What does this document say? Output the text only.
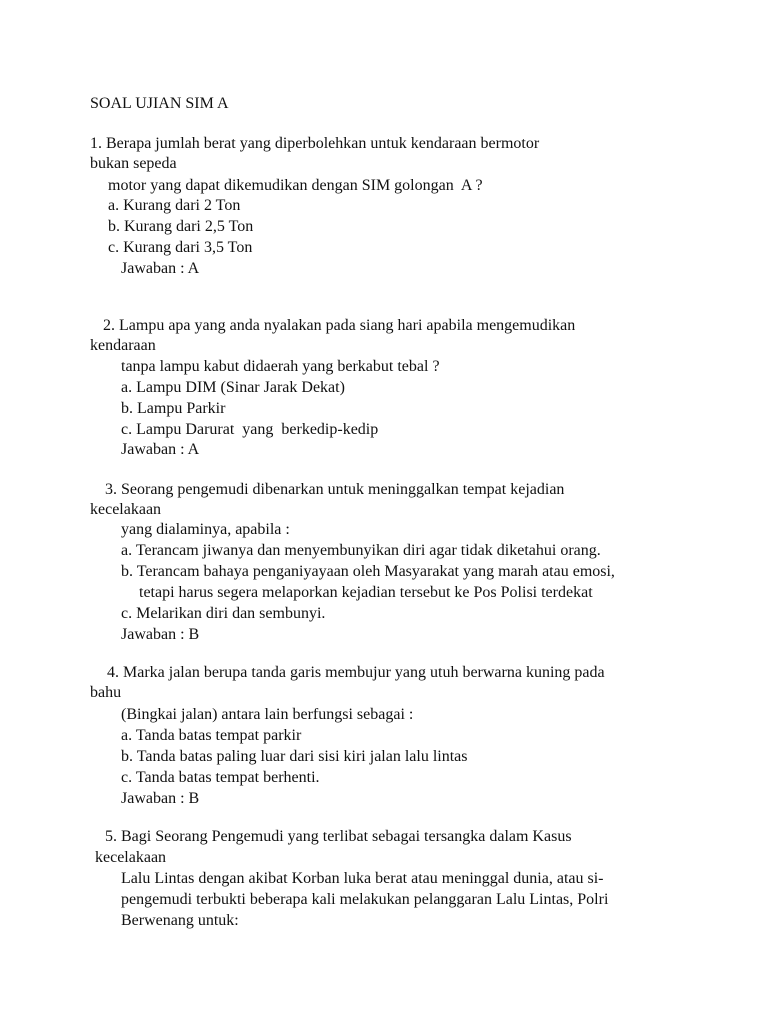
SOAL UJIAN SIM A
1. Berapa jumlah berat yang diperbolehkan untuk kendaraan bermotor
bukan sepeda
motor yang dapat dikemudikan dengan SIM golongan  A ?
a. Kurang dari 2 Ton
b. Kurang dari 2,5 Ton
c. Kurang dari 3,5 Ton
Jawaban : A
2. Lampu apa yang anda nyalakan pada siang hari apabila mengemudikan
kendaraan
tanpa lampu kabut didaerah yang berkabut tebal ?
a. Lampu DIM (Sinar Jarak Dekat)
b. Lampu Parkir
c. Lampu Darurat  yang  berkedip-kedip
Jawaban : A
3. Seorang pengemudi dibenarkan untuk meninggalkan tempat kejadian
kecelakaan
yang dialaminya, apabila :
a. Terancam jiwanya dan menyembunyikan diri agar tidak diketahui orang.
b. Terancam bahaya penganiyayaan oleh Masyarakat yang marah atau emosi,
tetapi harus segera melaporkan kejadian tersebut ke Pos Polisi terdekat
c. Melarikan diri dan sembunyi.
Jawaban : B
4. Marka jalan berupa tanda garis membujur yang utuh berwarna kuning pada
bahu
(Bingkai jalan) antara lain berfungsi sebagai :
a. Tanda batas tempat parkir
b. Tanda batas paling luar dari sisi kiri jalan lalu lintas
c. Tanda batas tempat berhenti.
Jawaban : B
5. Bagi Seorang Pengemudi yang terlibat sebagai tersangka dalam Kasus
kecelakaan
Lalu Lintas dengan akibat Korban luka berat atau meninggal dunia, atau si-
pengemudi terbukti beberapa kali melakukan pelanggaran Lalu Lintas, Polri
Berwenang untuk:
